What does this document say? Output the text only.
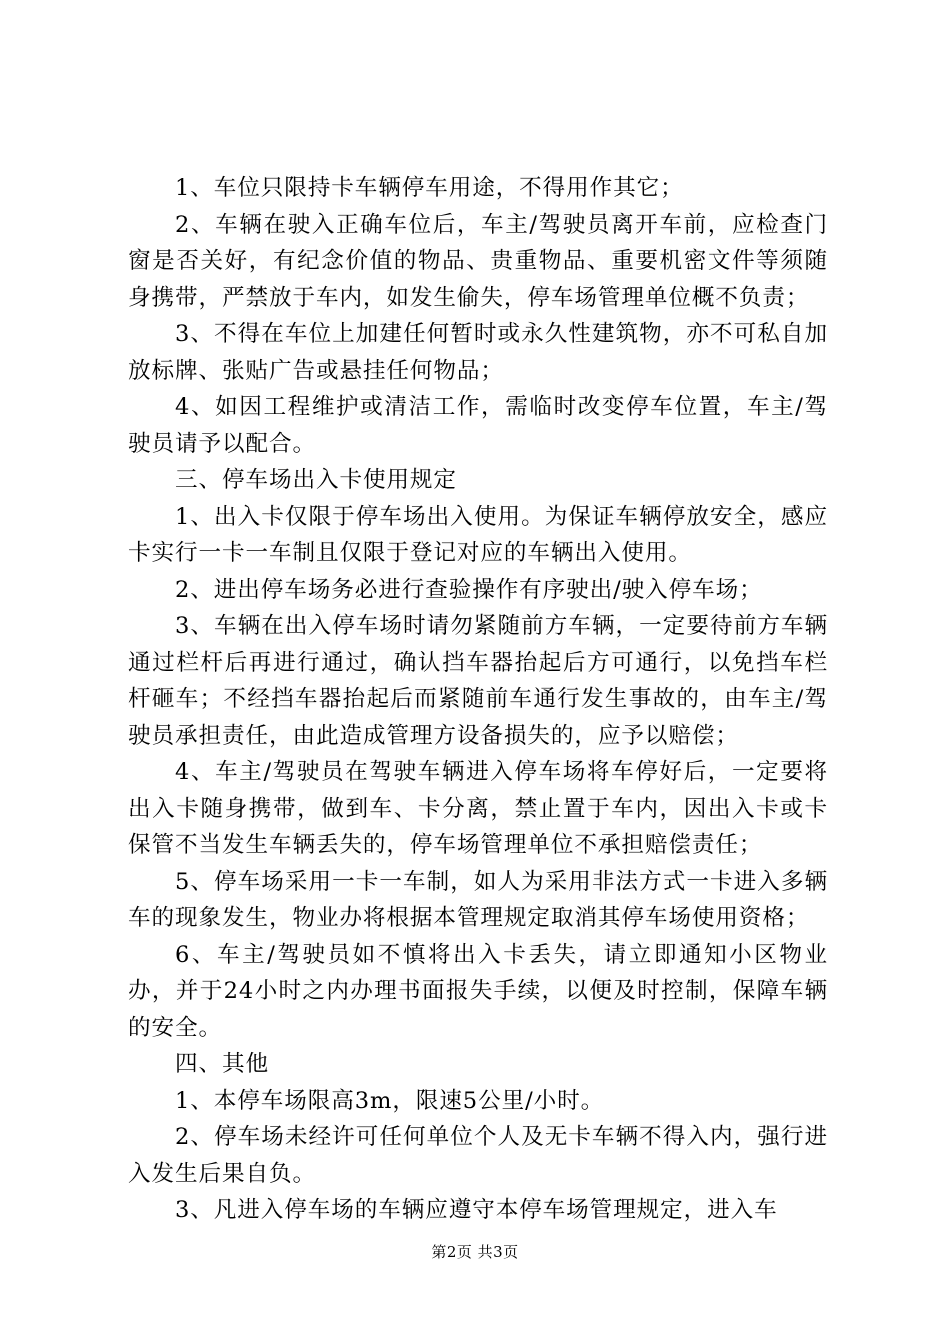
1、车位只限持卡车辆停车用途，不得用作其它；

2、车辆在驶入正确车位后，车主/驾驶员离开车前，应检查门窗是否关好，有纪念价值的物品、贵重物品、重要机密文件等须随身携带，严禁放于车内，如发生偷失，停车场管理单位概不负责；

3、不得在车位上加建任何暂时或永久性建筑物，亦不可私自加放标牌、张贴广告或悬挂任何物品；

4、如因工程维护或清洁工作，需临时改变停车位置，车主/驾驶员请予以配合。

三、停车场出入卡使用规定

1、出入卡仅限于停车场出入使用。为保证车辆停放安全，感应卡实行一卡一车制且仅限于登记对应的车辆出入使用。

2、进出停车场务必进行查验操作有序驶出/驶入停车场；

3、车辆在出入停车场时请勿紧随前方车辆，一定要待前方车辆通过栏杆后再进行通过，确认挡车器抬起后方可通行，以免挡车栏杆砸车；不经挡车器抬起后而紧随前车通行发生事故的，由车主/驾驶员承担责任，由此造成管理方设备损失的，应予以赔偿；

4、车主/驾驶员在驾驶车辆进入停车场将车停好后，一定要将出入卡随身携带，做到车、卡分离，禁止置于车内，因出入卡或卡保管不当发生车辆丢失的，停车场管理单位不承担赔偿责任；

5、停车场采用一卡一车制，如人为采用非法方式一卡进入多辆车的现象发生，物业办将根据本管理规定取消其停车场使用资格；

6、车主/驾驶员如不慎将出入卡丢失，请立即通知小区物业办，并于24小时之内办理书面报失手续，以便及时控制，保障车辆的安全。

四、其他

1、本停车场限高3m，限速5公里/小时。

2、停车场未经许可任何单位个人及无卡车辆不得入内，强行进入发生后果自负。

3、凡进入停车场的车辆应遵守本停车场管理规定，进入车

第2页 共3页
